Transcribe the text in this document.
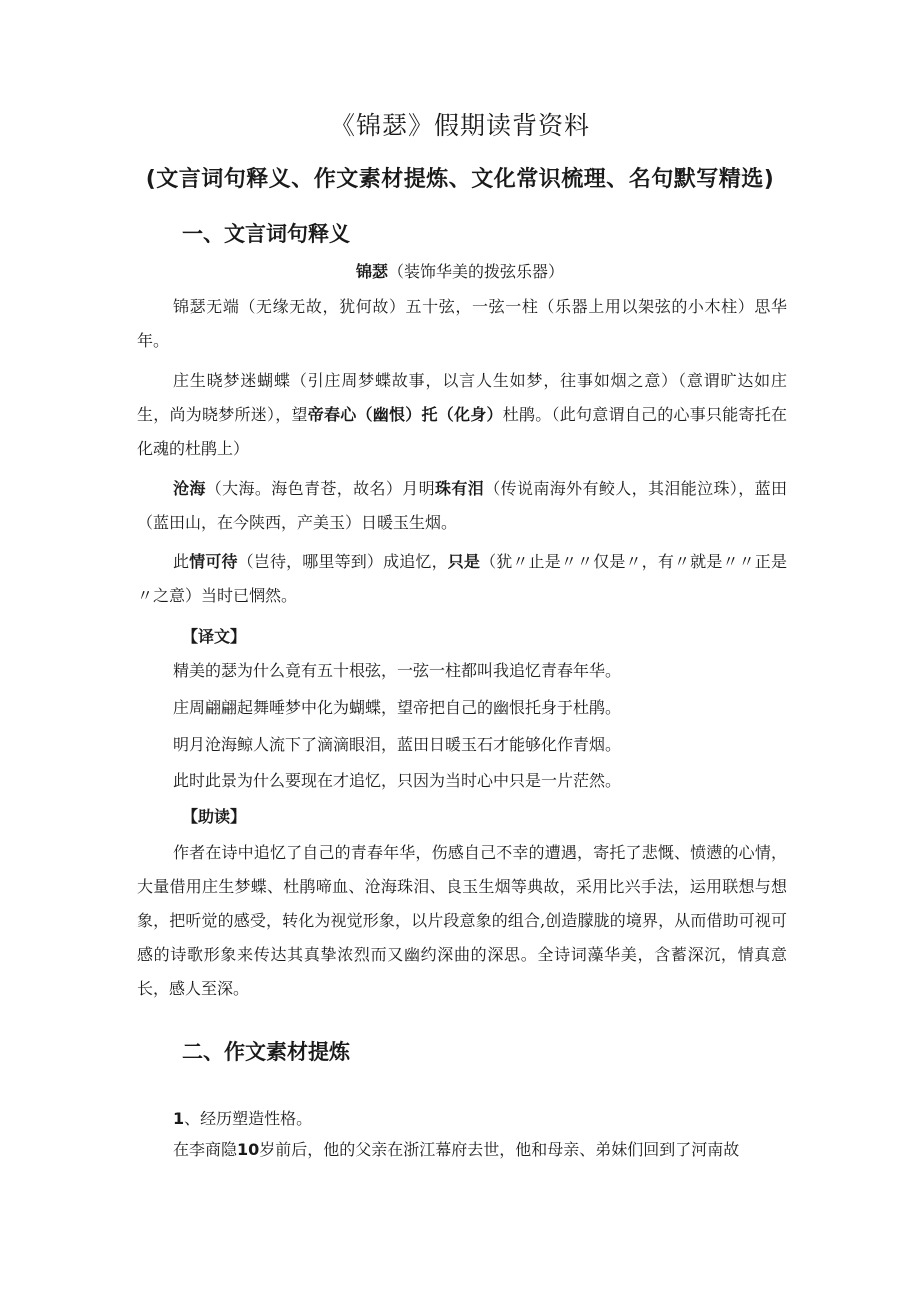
《锦瑟》假期读背资料
(文言词句释义、作文素材提炼、文化常识梳理、名句默写精选)
一、文言词句释义
锦瑟（装饰华美的拨弦乐器）
锦瑟无端（无缘无故，犹何故）五十弦，一弦一柱（乐器上用以架弦的小木柱）思华年。
庄生晓梦迷蝴蝶（引庄周梦蝶故事，以言人生如梦，往事如烟之意）（意谓旷达如庄生，尚为晓梦所迷），望帝春心（幽恨）托（化身）杜鹃。（此句意谓自己的心事只能寄托在化魂的杜鹃上）
沧海（大海。海色青苍，故名）月明珠有泪（传说南海外有鲛人，其泪能泣珠），蓝田（蓝田山，在今陕西，产美玉）日暖玉生烟。
此情可待（岂待，哪里等到）成追忆，只是（犹〃止是〃〃仅是〃，有〃就是〃〃正是〃之意）当时已惘然。
【译文】
精美的瑟为什么竟有五十根弦，一弦一柱都叫我追忆青春年华。
庄周翩翩起舞唾梦中化为蝴蝶，望帝把自己的幽恨托身于杜鹃。
明月沧海鲸人流下了滴滴眼泪，蓝田日暖玉石才能够化作青烟。
此时此景为什么要现在才追忆，只因为当时心中只是一片茫然。
【助读】
作者在诗中追忆了自己的青春年华，伤感自己不幸的遭遇，寄托了悲慨、愤懑的心情，大量借用庄生梦蝶、杜鹃啼血、沧海珠泪、良玉生烟等典故，采用比兴手法，运用联想与想象，把听觉的感受，转化为视觉形象，以片段意象的组合,创造朦胧的境界，从而借助可视可感的诗歌形象来传达其真挚浓烈而又幽约深曲的深思。全诗词藻华美，含蓄深沉，情真意长，感人至深。
二、作文素材提炼
1、经历塑造性格。
在李商隐10岁前后，他的父亲在浙江幕府去世，他和母亲、弟妹们回到了河南故
